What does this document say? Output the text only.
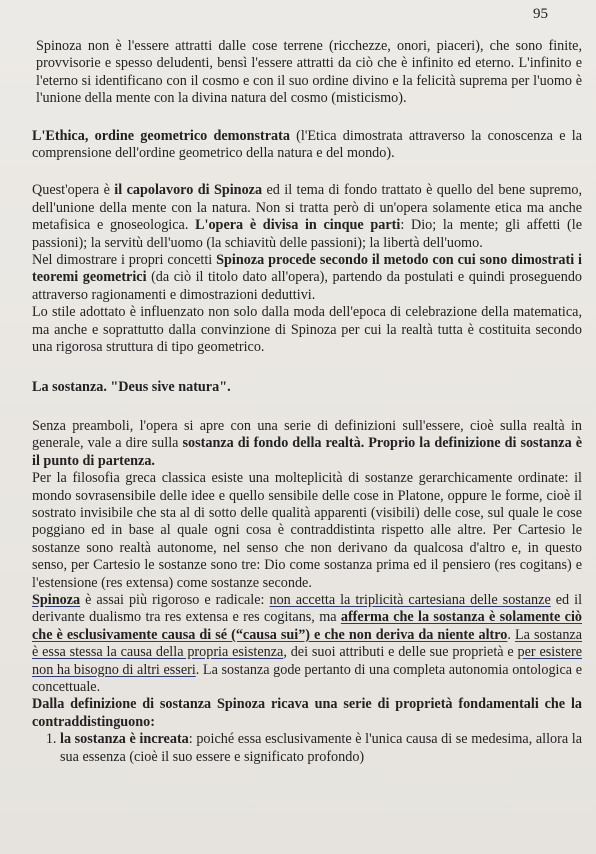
95

Spinoza non è l'essere attratti dalle cose terrene (ricchezze, onori, piaceri), che sono finite, provvisorie e spesso deludenti, bensì l'essere attratti da ciò che è infinito ed eterno. L'infinito e l'eterno si identificano con il cosmo e con il suo ordine divino e la felicità suprema per l'uomo è l'unione della mente con la divina natura del cosmo (misticismo).

L'Ethica, ordine geometrico demonstrata (l'Etica dimostrata attraverso la conoscenza e la comprensione dell'ordine geometrico della natura e del mondo).

Quest'opera è il capolavoro di Spinoza ed il tema di fondo trattato è quello del bene supremo, dell'unione della mente con la natura. Non si tratta però di un'opera solamente etica ma anche metafisica e gnoseologica. L'opera è divisa in cinque parti: Dio; la mente; gli affetti (le passioni); la servitù dell'uomo (la schiavitù delle passioni); la libertà dell'uomo.

Nel dimostrare i propri concetti Spinoza procede secondo il metodo con cui sono dimostrati i teoremi geometrici (da ciò il titolo dato all'opera), partendo da postulati e quindi proseguendo attraverso ragionamenti e dimostrazioni deduttivi.

Lo stile adottato è influenzato non solo dalla moda dell'epoca di celebrazione della matematica, ma anche e soprattutto dalla convinzione di Spinoza per cui la realtà tutta è costituita secondo una rigorosa struttura di tipo geometrico.

La sostanza. "Deus sive natura".

Senza preamboli, l'opera si apre con una serie di definizioni sull'essere, cioè sulla realtà in generale, vale a dire sulla sostanza di fondo della realtà. Proprio la definizione di sostanza è il punto di partenza.

Per la filosofia greca classica esiste una molteplicità di sostanze gerarchicamente ordinate: il mondo sovrasensibile delle idee e quello sensibile delle cose in Platone, oppure le forme, cioè il sostrato invisibile che sta al di sotto delle qualità apparenti (visibili) delle cose, sul quale le cose poggiano ed in base al quale ogni cosa è contraddistinta rispetto alle altre. Per Cartesio le sostanze sono realtà autonome, nel senso che non derivano da qualcosa d'altro e, in questo senso, per Cartesio le sostanze sono tre: Dio come sostanza prima ed il pensiero (res cogitans) e l'estensione (res extensa) come sostanze seconde.

Spinoza è assai più rigoroso e radicale: non accetta la triplicità cartesiana delle sostanze ed il derivante dualismo tra res extensa e res cogitans, ma afferma che la sostanza è solamente ciò che è esclusivamente causa di sé (“causa sui”) e che non deriva da niente altro. La sostanza è essa stessa la causa della propria esistenza, dei suoi attributi e delle sue proprietà e per esistere non ha bisogno di altri esseri. La sostanza gode pertanto di una completa autonomia ontologica e concettuale.

Dalla definizione di sostanza Spinoza ricava una serie di proprietà fondamentali che la contraddistinguono:

1. la sostanza è increata: poiché essa esclusivamente è l'unica causa di se medesima, allora la sua essenza (cioè il suo essere e significato profondo)
